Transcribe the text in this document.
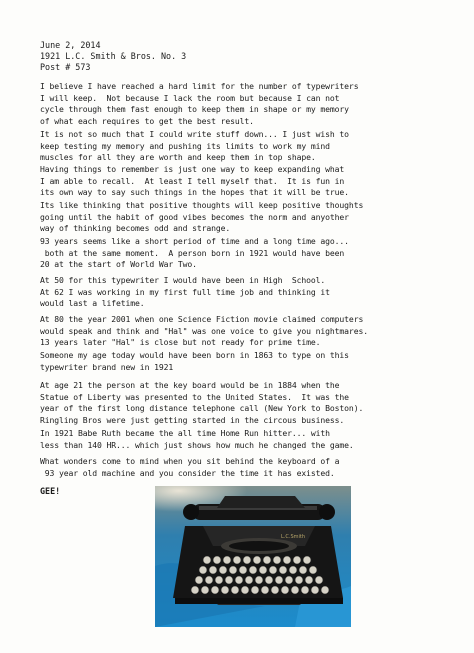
June 2, 2014
1921 L.C. Smith & Bros. No. 3
Post # 573
I believe I have reached a hard limit for the number of typewriters
I will keep.  Not because I lack the room but because I can not
cycle through them fast enough to keep them in shape or my memory
of what each requires to get the best result.
It is not so much that I could write stuff down... I just wish to
keep testing my memory and pushing its limits to work my mind
muscles for all they are worth and keep them in top shape.
Having things to remember is just one way to keep expanding what
I am able to recall.  At least I tell myself that.  It is fun in
its own way to say such things in the hopes that it will be true.
Its like thinking that positive thoughts will keep positive thoughts
going until the habit of good vibes becomes the norm and anyother
way of thinking becomes odd and strange.
93 years seems like a short period of time and a long time ago...
both at the same moment.  A person born in 1921 would have been
20 at the start of World War Two.
At 50 for this typewriter I would have been in High  School.
At 62 I was working in my first full time job and thinking it
would last a lifetime.
At 80 the year 2001 when one Science Fiction movie claimed computers
would speak and think and "Hal" was one voice to give you nightmares.
13 years later "Hal" is close but not ready for prime time.
Someone my age today would have been born in 1863 to type on this
typewriter brand new in 1921
At age 21 the person at the key board would be in 1884 when the
Statue of Liberty was presented to the United States.  It was the
year of the first long distance telephone call (New York to Boston).
Ringling Bros were just getting started in the circous business.
In 1921 Babe Ruth became the all time Home Run hitter... with
less than 140 HR... which just shows how much he changed the game.
What wonders come to mind when you sit behind the keyboard of a
93 year old machine and you consider the time it has existed.
GEE!
L.C.Smith
